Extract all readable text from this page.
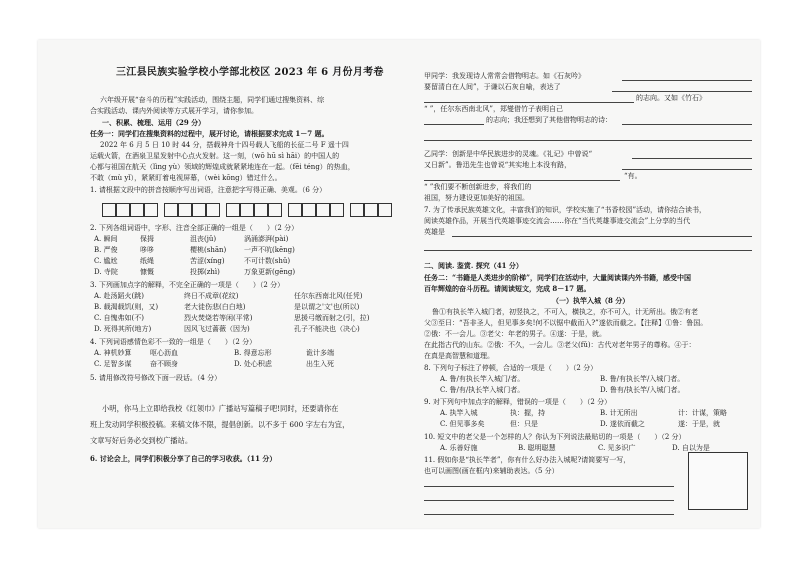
三江县民族实验学校小学部北校区 2023 年 6 月份月考卷
六年级开展“奋斗的历程”实践活动，围绕主题，同学们通过搜集资料、综
合实践活动、课内外阅读等方式展开学习，请你参加。
一、积累、梳理、运用（29 分）
任务一：同学们在搜集资料的过程中，展开讨论，请根据要求完成 1－7 题。
2022 年 6 月 5 日 10 时 44 分，搭载神舟十四号载人飞船的长征二号 F 遥十四
运载火箭，在酒泉卫星发射中心点火发射。这一刻，（wō hū sì hāi）的中国人的
心都与祖国在航天（lìng yù）领域的辉煌成就紧紧地连在一起。（fēi téng）的热血，
不敢（mù yǐ），紧紧盯着电视屏幕，（wèi kōng）错过什么。
1. 请根据文段中的拼音按顺序写出词语，注意把字写得正确、美观。（6 分）
2. 下列各组词语中，字形、注音全部正确的一组是（　　）（2 分）
A. 瞬间	保拇	沮丧(jǔ)	涡涌澎湃(pài)
B. 严俊	哆哆	樱桃(shān)	一声不吭(kēng)
C. 尴尬	纸绳	苦涩(xíng)	不可计数(shǔ)
D. 寺院	慷慨	投掷(zhì)	万象更新(gēng)
3. 下列画加点字的解释，不完全正确的一项是（　　）（2 分）
A. 赴汤蹈火(跳)	终日不成章(花纹)	任尔东西南北风(任凭)
B. 载渴载饥(则，又)	老大徒伤悲(白白地)	是以谓之'文'也(所以)
C. 自愧弗如(不)	烈火焚烧若等闲(平常)	思援弓缴而射之(引，拉)
D. 死得其所(地方)	因风飞过蔷薇（因为)	孔子不能决也（决心)
4. 下列词语感情色彩不一致的一组是（　　）（2 分）
A. 神机妙算	呕心沥血	B. 得意忘形	诡计多端
C. 足智多谋	奋不顾身	D. 处心积虑	出生入死
5. 请用修改符号修改下面一段话。（4 分）
小明，你马上立即给我校《红领巾》广播站写篇稿子吧!同时，还要请你在
班上发动同学积极投稿。来稿文体不限，提倡创新。以不多于 600 字左右为宜，
文章写好后务必交到校广播站。
6. 讨论会上，同学们积极分享了自己的学习收获。（11 分）
甲同学：我发现诗人常常会借物明志。如《石灰吟》
要留清白在人间”，于谦以石灰自喻，表达了
的志向。又如《竹石》
“ ”，任尔东西南北风”，郑燮借竹子表明自己
的志向；我还想到了其他借物明志的诗：
乙同学：创新是中华民族进步的灵魂。《礼记》中曾说“
又日新”。鲁迅先生也曾说“其实地上本没有路，
“有。
“ ”我们要不断创新进步，将我们的
祖国，努力建设更加美好的祖国。
7. 为了传承民族英雄文化，丰富我们的知识，学校实施了“书香校园”活动，请你结合读书，
阅读英雄作品，开展当代英雄事迹交流会……你在“当代英雄事迹交流会”上分享的当代
英雄是
二、阅读. 鉴赏. 探究（41 分）
任务二：“书籍是人类进步的阶梯”，同学们在活动中，大量阅读课内外书籍，感受中国
百年辉煌的奋斗历程。请阅读短文，完成 8－17 题。
（一）执竿入城（8 分）
鲁①有执长竿入城门者，初竖执之，不可入，横执之，亦不可入，计无所出。俄②有老
父③至曰：“吾非圣人，但见事多矣!何不以锯中截而入?”遂依而截之。【注释】①鲁：鲁国。
②俄：不一会儿。③老父：年老的男子。④遂：于是，就。
在此指古代的山东。②俄：不久，一会儿。③老父(fǔ)：古代对老年男子的尊称。④于：
在真是高智慧和道理。
8. 下列句子标注了停顿，合适的一项是（　　）（2 分）
A. 鲁/有执长竿入城门/者。	B. 鲁/有执长竿/入城门者。
C. 鲁/有/执长竿入城门者。	D. 鲁有/执长竿/入城门者。
9. 对下列句中加点字的解释，错误的一项是（　　）（2 分）
A. 执竿入城	执：握，持	B. 计无所出	计：计谋，策略
C. 但见事多矣	但：只是	D. 遂依而截之	遂：于是，就
10. 短文中的老父是一个怎样的人？你认为下列说法最贴切的一项是（　　）（2 分）
A. 乐善好施	B. 聪明聪慧	C. 见多识广	D. 自以为是
11. 假如你是“执长竿者”，你有什么好办法入城呢?请简要写一写，
也可以画图(画在框内)来辅助表达。（5 分）
